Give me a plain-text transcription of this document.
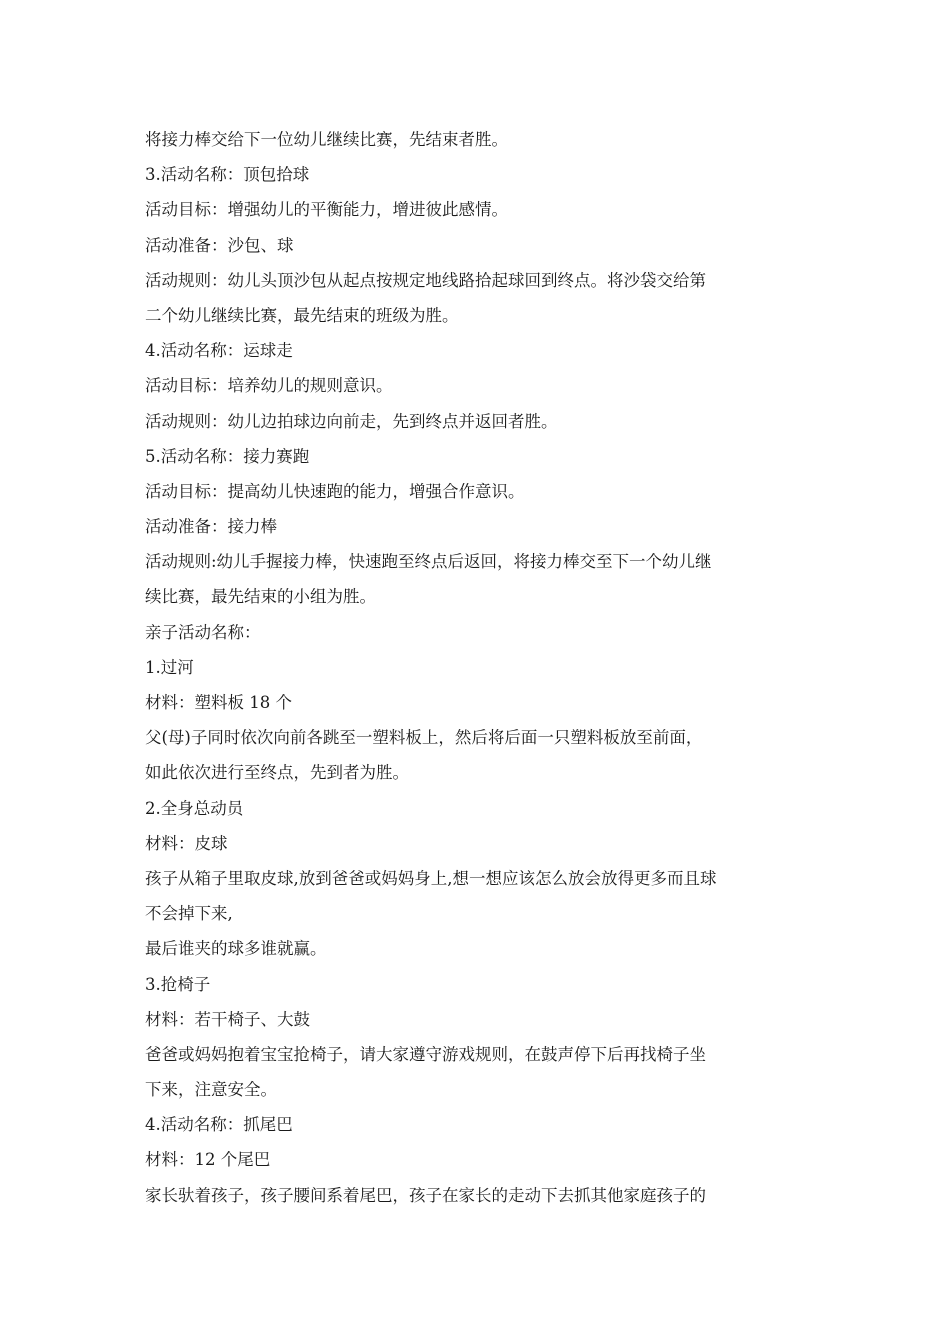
将接力棒交给下一位幼儿继续比赛，先结束者胜。
3.活动名称：顶包拾球
活动目标：增强幼儿的平衡能力，增进彼此感情。
活动准备：沙包、球
活动规则：幼儿头顶沙包从起点按规定地线路拾起球回到终点。将沙袋交给第
二个幼儿继续比赛，最先结束的班级为胜。
4.活动名称：运球走
活动目标：培养幼儿的规则意识。
活动规则：幼儿边拍球边向前走，先到终点并返回者胜。
5.活动名称：接力赛跑
活动目标：提高幼儿快速跑的能力，增强合作意识。
活动准备：接力棒
活动规则:幼儿手握接力棒，快速跑至终点后返回，将接力棒交至下一个幼儿继
续比赛，最先结束的小组为胜。
亲子活动名称：
1.过河
材料：塑料板 18 个
父(母)子同时依次向前各跳至一塑料板上，然后将后面一只塑料板放至前面，
如此依次进行至终点，先到者为胜。
2.全身总动员
材料：皮球
孩子从箱子里取皮球,放到爸爸或妈妈身上,想一想应该怎么放会放得更多而且球
不会掉下来,
最后谁夹的球多谁就赢。
3.抢椅子
材料：若干椅子、大鼓
爸爸或妈妈抱着宝宝抢椅子，请大家遵守游戏规则，在鼓声停下后再找椅子坐
下来，注意安全。
4.活动名称：抓尾巴
材料：12 个尾巴
家长驮着孩子，孩子腰间系着尾巴，孩子在家长的走动下去抓其他家庭孩子的
